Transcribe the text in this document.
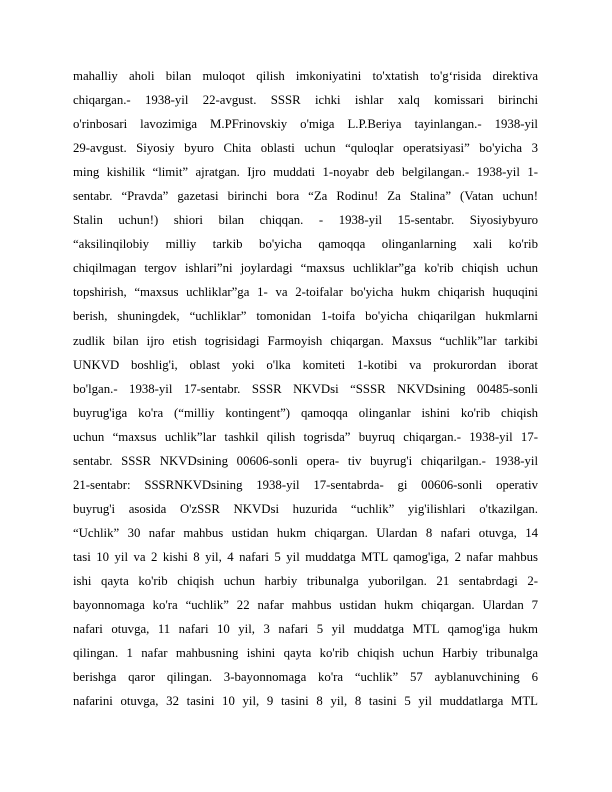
mahalliy aholi bilan muloqot qilish imkoniyatini to'xtatish to'g‘risida direktiva
chiqargan.- 1938-yil 22-avgust. SSSR ichki ishlar xalq komissari birinchi
o'rinbosari lavozimiga M.PFrinovskiy o'miga L.P.Beriya tayinlangan.- 1938-yil
29-avgust. Siyosiy byuro Chita oblasti uchun “quloqlar operatsiyasi” bo'yicha 3
ming kishilik “limit” ajratgan. Ijro muddati 1-noyabr deb belgilangan.- 1938-yil 1-
sentabr. “Pravda” gazetasi birinchi bora “Za Rodinu! Za Stalina” (Vatan uchun!
Stalin uchun!) shiori bilan chiqqan. - 1938-yil 15-sentabr. Siyosiybyuro
“aksilinqilobiy milliy tarkib bo'yicha qamoqqa olinganlarning xali ko'rib
chiqilmagan tergov ishlari”ni joylardagi “maxsus uchliklar”ga ko'rib chiqish uchun
topshirish, “maxsus uchliklar”ga 1- va 2-toifalar bo'yicha hukm chiqarish huquqini
berish, shuningdek, “uchliklar” tomonidan 1-toifa bo'yicha chiqarilgan hukmlarni
zudlik bilan ijro etish togrisidagi Farmoyish chiqargan. Maxsus “uchlik”lar tarkibi
UNKVD boshlig'i, oblast yoki o'lka komiteti 1-kotibi va prokurordan iborat
bo'lgan.- 1938-yil 17-sentabr. SSSR NKVDsi “SSSR NKVDsining 00485-sonli
buyrug'iga ko'ra (“milliy kontingent”) qamoqqa olinganlar ishini ko'rib chiqish
uchun “maxsus uchlik”lar tashkil qilish togrisda” buyruq chiqargan.- 1938-yil 17-
sentabr. SSSR NKVDsining 00606-sonli opera- tiv buyrug'i chiqarilgan.- 1938-yil
21-sentabr: SSSRNKVDsining 1938-yil 17-sentabrda- gi 00606-sonli operativ
buyrug'i asosida O'zSSR NKVDsi huzurida “uchlik” yig'ilishlari o'tkazilgan.
“Uchlik” 30 nafar mahbus ustidan hukm chiqargan. Ulardan 8 nafari otuvga, 14
tasi 10 yil va 2 kishi 8 yil, 4 nafari 5 yil muddatga MTL qamog'iga, 2 nafar mahbus
ishi qayta ko'rib chiqish uchun harbiy tribunalga yuborilgan. 21 sentabrdagi 2-
bayonnomaga ko'ra “uchlik” 22 nafar mahbus ustidan hukm chiqargan. Ulardan 7
nafari otuvga, 11 nafari 10 yil, 3 nafari 5 yil muddatga MTL qamog'iga hukm
qilingan. 1 nafar mahbusning ishini qayta ko'rib chiqish uchun Harbiy tribunalga
berishga qaror qilingan. 3-bayonnomaga ko'ra “uchlik” 57 ayblanuvchining 6
nafarini otuvga, 32 tasini 10 yil, 9 tasini 8 yil, 8 tasini 5 yil muddatlarga MTL
